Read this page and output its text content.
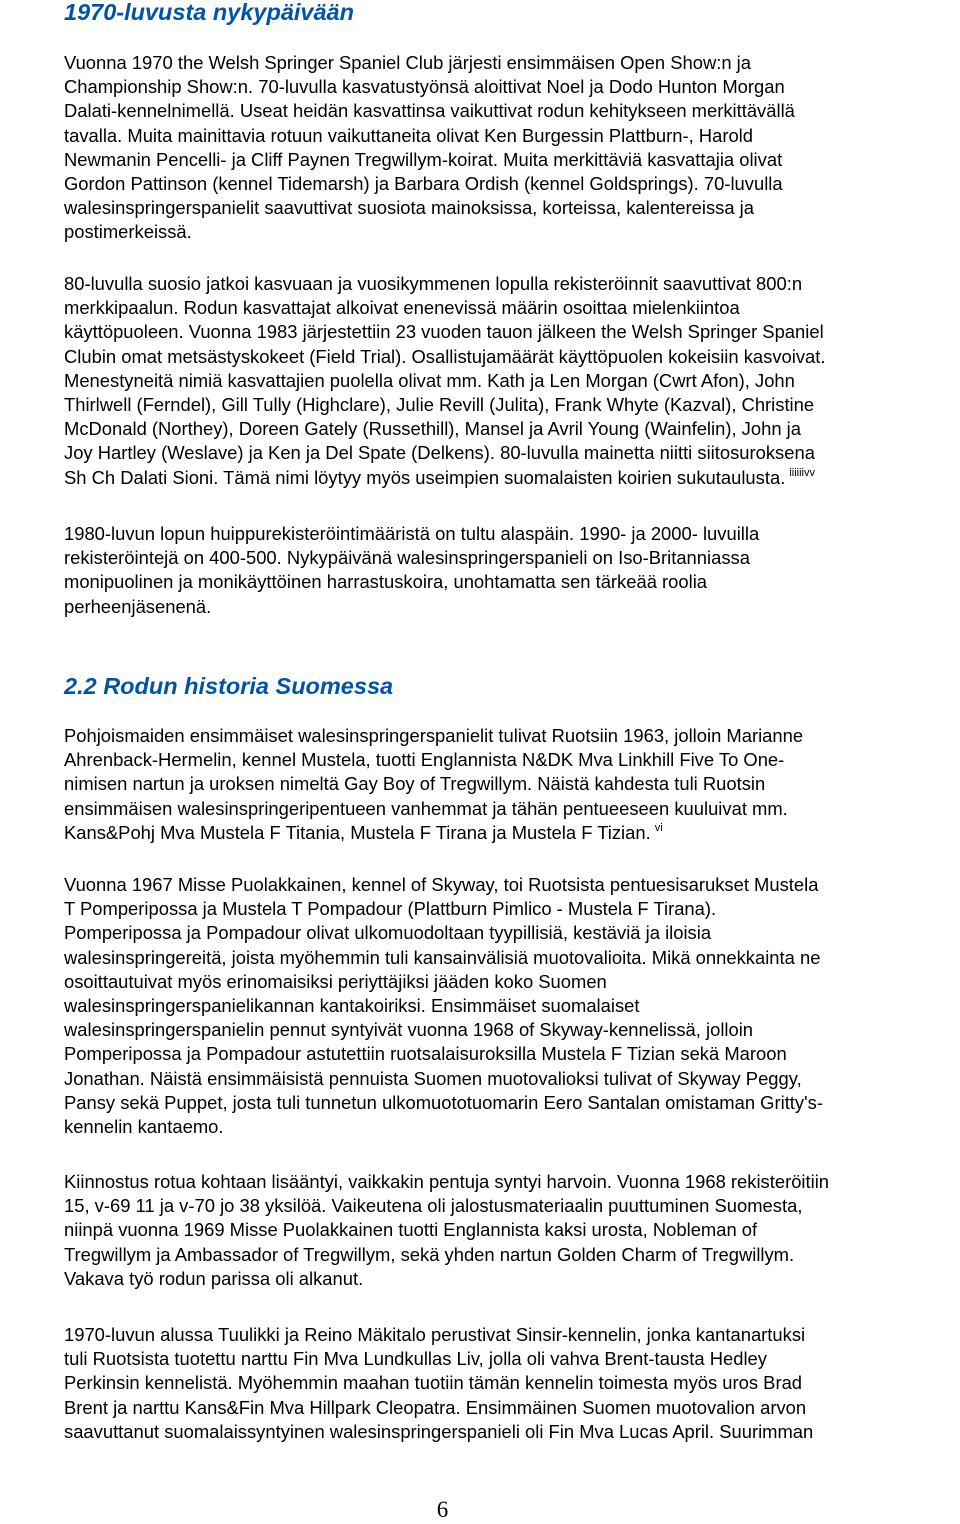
1970-luvusta nykypäivään

Vuonna 1970 the Welsh Springer Spaniel Club järjesti ensimmäisen Open Show:n ja
Championship Show:n. 70-luvulla kasvatustyönsä aloittivat Noel ja Dodo Hunton Morgan
Dalati-kennelnimellä. Useat heidän kasvattinsa vaikuttivat rodun kehitykseen merkittävällä
tavalla. Muita mainittavia rotuun vaikuttaneita olivat Ken Burgessin Plattburn-, Harold
Newmanin Pencelli- ja Cliff Paynen Tregwillym-koirat. Muita merkittäviä kasvattajia olivat
Gordon Pattinson (kennel Tidemarsh) ja Barbara Ordish (kennel Goldsprings). 70-luvulla
walesinspringerspanielit saavuttivat suosiota mainoksissa, korteissa, kalentereissa ja
postimerkeissä.

80-luvulla suosio jatkoi kasvuaan ja vuosikymmenen lopulla rekisteröinnit saavuttivat 800:n
merkkipaalun. Rodun kasvattajat alkoivat enenevissä määrin osoittaa mielenkiintoa
käyttöpuoleen. Vuonna 1983 järjestettiin 23 vuoden tauon jälkeen the Welsh Springer Spaniel
Clubin omat metsästyskokeet (Field Trial). Osallistujamäärät käyttöpuolen kokeisiin kasvoivat.
Menestyneitä nimiä kasvattajien puolella olivat mm. Kath ja Len Morgan (Cwrt Afon), John
Thirlwell (Ferndel), Gill Tully (Highclare), Julie Revill (Julita), Frank Whyte (Kazval), Christine
McDonald (Northey), Doreen Gately (Russethill), Mansel ja Avril Young (Wainfelin), John ja
Joy Hartley (Weslave) ja Ken ja Del Spate (Delkens). 80-luvulla mainetta niitti siitosuroksena
Sh Ch Dalati Sioni. Tämä nimi löytyy myös useimpien suomalaisten koirien sukutaulusta. $^{iiiiiivv}$

1980-luvun lopun huippurekisteröintimääristä on tultu alaspäin. 1990- ja 2000- luvuilla
rekisteröintejä on 400-500. Nykypäivänä walesinspringerspanieli on Iso-Britanniassa
monipuolinen ja monikäyttöinen harrastuskoira, unohtamatta sen tärkeää roolia
perheenjäsenenä.

2.2 Rodun historia Suomessa

Pohjoismaiden ensimmäiset walesinspringerspanielit tulivat Ruotsiin 1963, jolloin Marianne
Ahrenback-Hermelin, kennel Mustela, tuotti Englannista N&DK Mva Linkhill Five To One-
nimisen nartun ja uroksen nimeltä Gay Boy of Tregwillym. Näistä kahdesta tuli Ruotsin
ensimmäisen walesinspringeripentueen vanhemmat ja tähän pentueeseen kuuluivat mm.
Kans&Pohj Mva Mustela F Titania, Mustela F Tirana ja Mustela F Tizian. $^{vi}$

Vuonna 1967 Misse Puolakkainen, kennel of Skyway, toi Ruotsista pentuesisarukset Mustela
T Pomperipossa ja Mustela T Pompadour (Plattburn Pimlico - Mustela F Tirana).
Pomperipossa ja Pompadour olivat ulkomuodoltaan tyypillisiä, kestäviä ja iloisia
walesinspringereitä, joista myöhemmin tuli kansainvälisiä muotovalioita. Mikä onnekkainta ne
osoittautuivat myös erinomaisiksi periyttäjiksi jääden koko Suomen
walesinspringerspanielikannan kantakoiriksi. Ensimmäiset suomalaiset
walesinspringerspanielin pennut syntyivät vuonna 1968 of Skyway-kennelissä, jolloin
Pomperipossa ja Pompadour astutettiin ruotsalaisuroksilla Mustela F Tizian sekä Maroon
Jonathan. Näistä ensimmäisistä pennuista Suomen muotovalioksi tulivat of Skyway Peggy,
Pansy sekä Puppet, josta tuli tunnetun ulkomuototuomarin Eero Santalan omistaman Gritty's-
kennelin kantaemo.

Kiinnostus rotua kohtaan lisääntyi, vaikkakin pentuja syntyi harvoin. Vuonna 1968 rekisteröitiin
15, v-69 11 ja v-70 jo 38 yksilöä. Vaikeutena oli jalostusmateriaalin puuttuminen Suomesta,
niinpä vuonna 1969 Misse Puolakkainen tuotti Englannista kaksi urosta, Nobleman of
Tregwillym ja Ambassador of Tregwillym, sekä yhden nartun Golden Charm of Tregwillym.
Vakava työ rodun parissa oli alkanut.

1970-luvun alussa Tuulikki ja Reino Mäkitalo perustivat Sinsir-kennelin, jonka kantanartuksi
tuli Ruotsista tuotettu narttu Fin Mva Lundkullas Liv, jolla oli vahva Brent-tausta Hedley
Perkinsin kennelistä. Myöhemmin maahan tuotiin tämän kennelin toimesta myös uros Brad
Brent ja narttu Kans&Fin Mva Hillpark Cleopatra. Ensimmäinen Suomen muotovalion arvon
saavuttanut suomalaissyntyinen walesinspringerspanieli oli Fin Mva Lucas April. Suurimman

6
